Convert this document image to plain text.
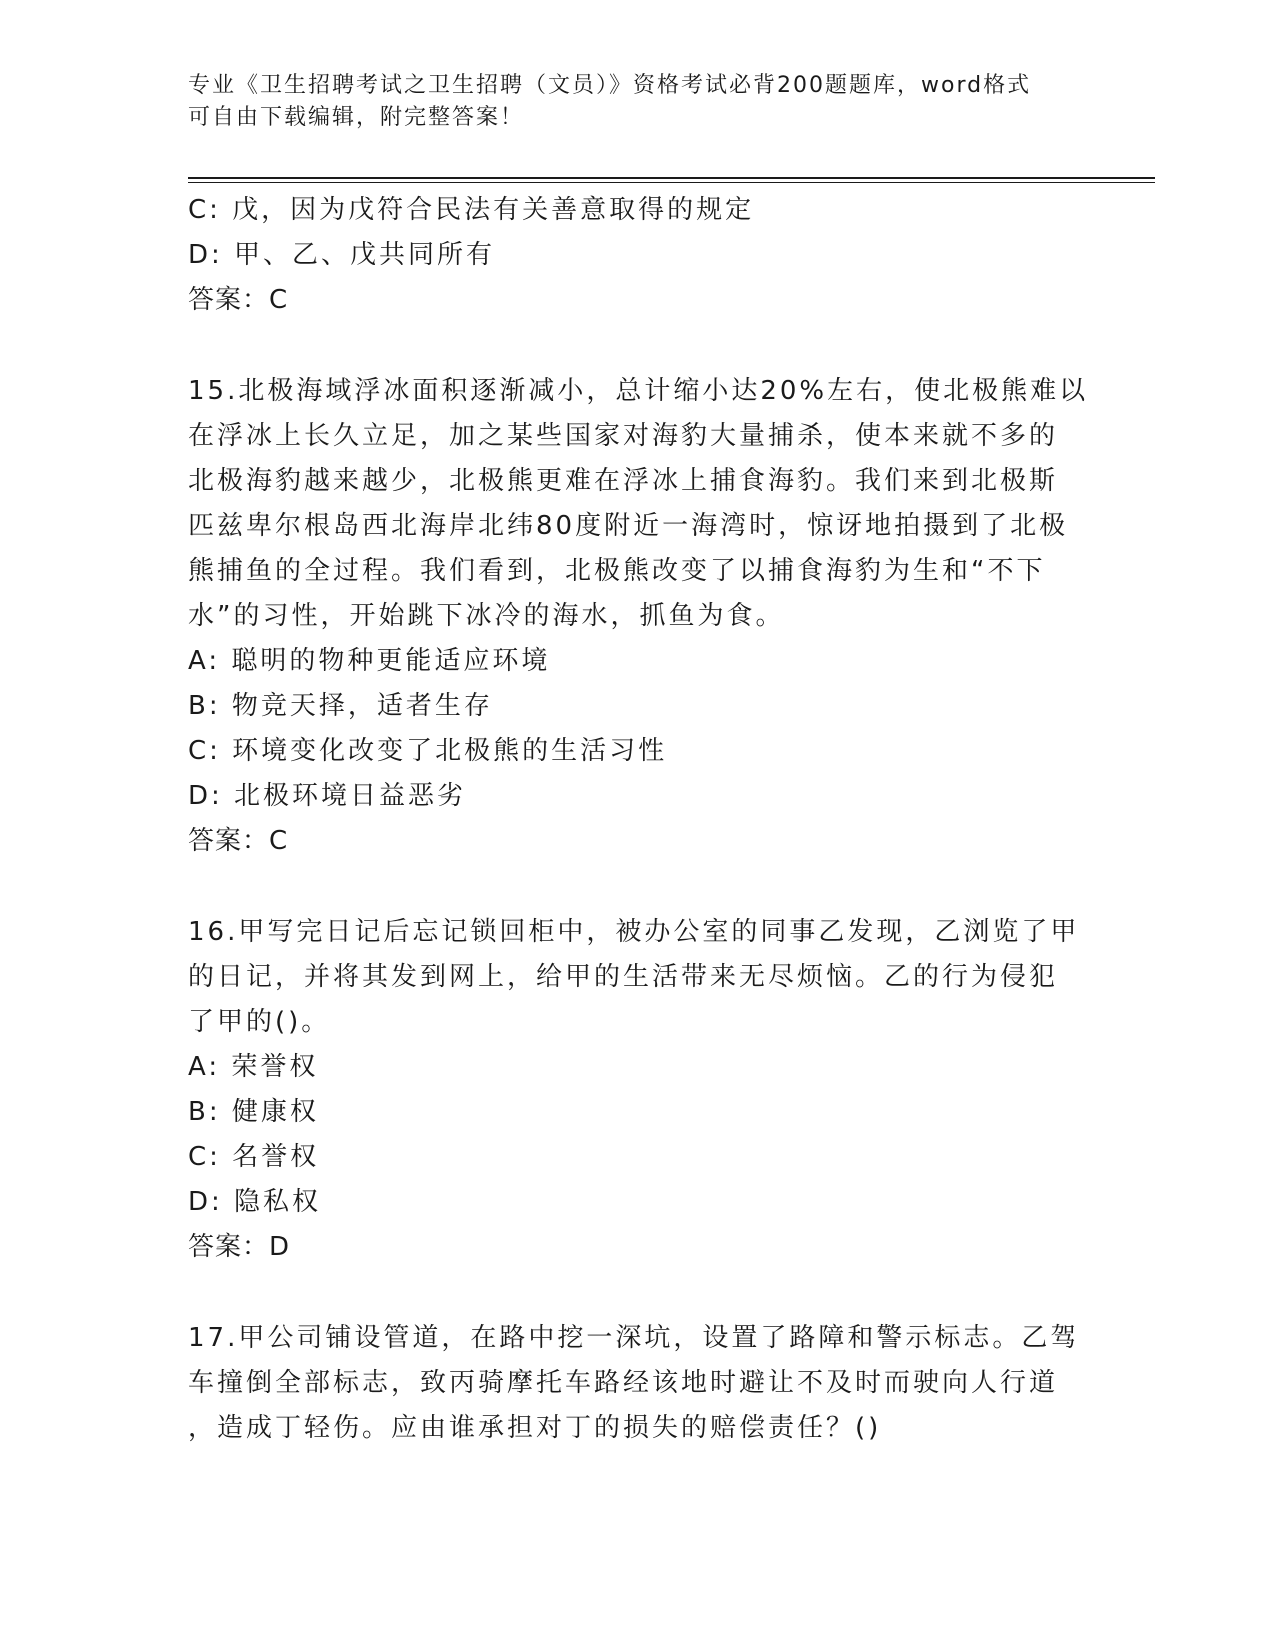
专业《卫生招聘考试之卫生招聘（文员）》资格考试必背200题题库，word格式
可自由下载编辑，附完整答案！
C: 戊，因为戊符合民法有关善意取得的规定
D: 甲、乙、戊共同所有
答案：C
15.北极海域浮冰面积逐渐减小，总计缩小达20%左右，使北极熊难以
在浮冰上长久立足，加之某些国家对海豹大量捕杀，使本来就不多的
北极海豹越来越少，北极熊更难在浮冰上捕食海豹。我们来到北极斯
匹兹卑尔根岛西北海岸北纬80度附近一海湾时，惊讶地拍摄到了北极
熊捕鱼的全过程。我们看到，北极熊改变了以捕食海豹为生和“不下
水”的习性，开始跳下冰冷的海水，抓鱼为食。
A: 聪明的物种更能适应环境
B: 物竞天择，适者生存
C: 环境变化改变了北极熊的生活习性
D: 北极环境日益恶劣
答案：C
16.甲写完日记后忘记锁回柜中，被办公室的同事乙发现，乙浏览了甲
的日记，并将其发到网上，给甲的生活带来无尽烦恼。乙的行为侵犯
了甲的()。
A: 荣誉权
B: 健康权
C: 名誉权
D: 隐私权
答案：D
17.甲公司铺设管道，在路中挖一深坑，设置了路障和警示标志。乙驾
车撞倒全部标志，致丙骑摩托车路经该地时避让不及时而驶向人行道
，造成丁轻伤。应由谁承担对丁的损失的赔偿责任？()
